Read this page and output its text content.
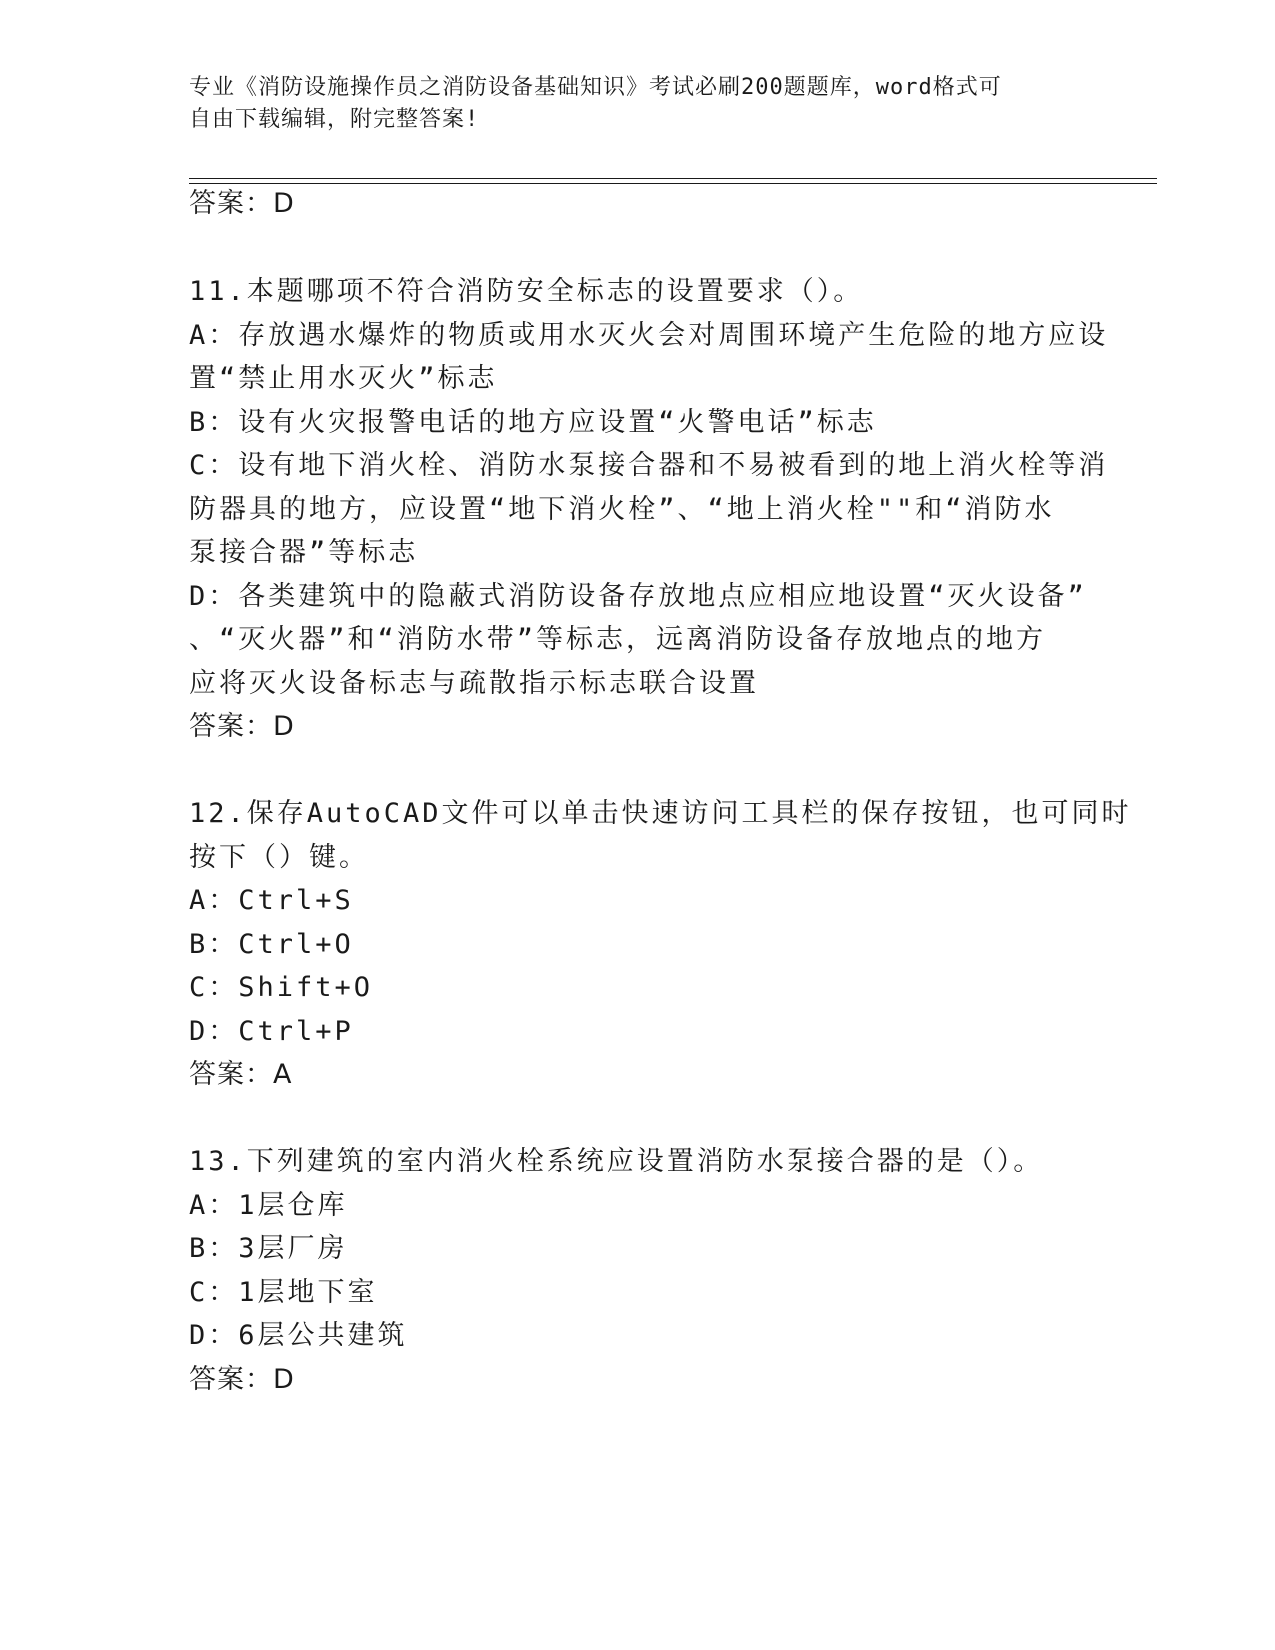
专业《消防设施操作员之消防设备基础知识》考试必刷200题题库，word格式可
自由下载编辑，附完整答案!
答案：D
11.本题哪项不符合消防安全标志的设置要求（）。
A：存放遇水爆炸的物质或用水灭火会对周围环境产生危险的地方应设
置“禁止用水灭火”标志
B：设有火灾报警电话的地方应设置“火警电话”标志
C：设有地下消火栓、消防水泵接合器和不易被看到的地上消火栓等消
防器具的地方，应设置“地下消火栓”、“地上消火栓""和“消防水
泵接合器”等标志
D：各类建筑中的隐蔽式消防设备存放地点应相应地设置“灭火设备”
、“灭火器”和“消防水带”等标志，远离消防设备存放地点的地方
应将灭火设备标志与疏散指示标志联合设置
答案：D
12.保存AutoCAD文件可以单击快速访问工具栏的保存按钮，也可同时
按下（）键。
A：Ctrl+S
B：Ctrl+O
C：Shift+O
D：Ctrl+P
答案：A
13.下列建筑的室内消火栓系统应设置消防水泵接合器的是（）。
A：1层仓库
B：3层厂房
C：1层地下室
D：6层公共建筑
答案：D
